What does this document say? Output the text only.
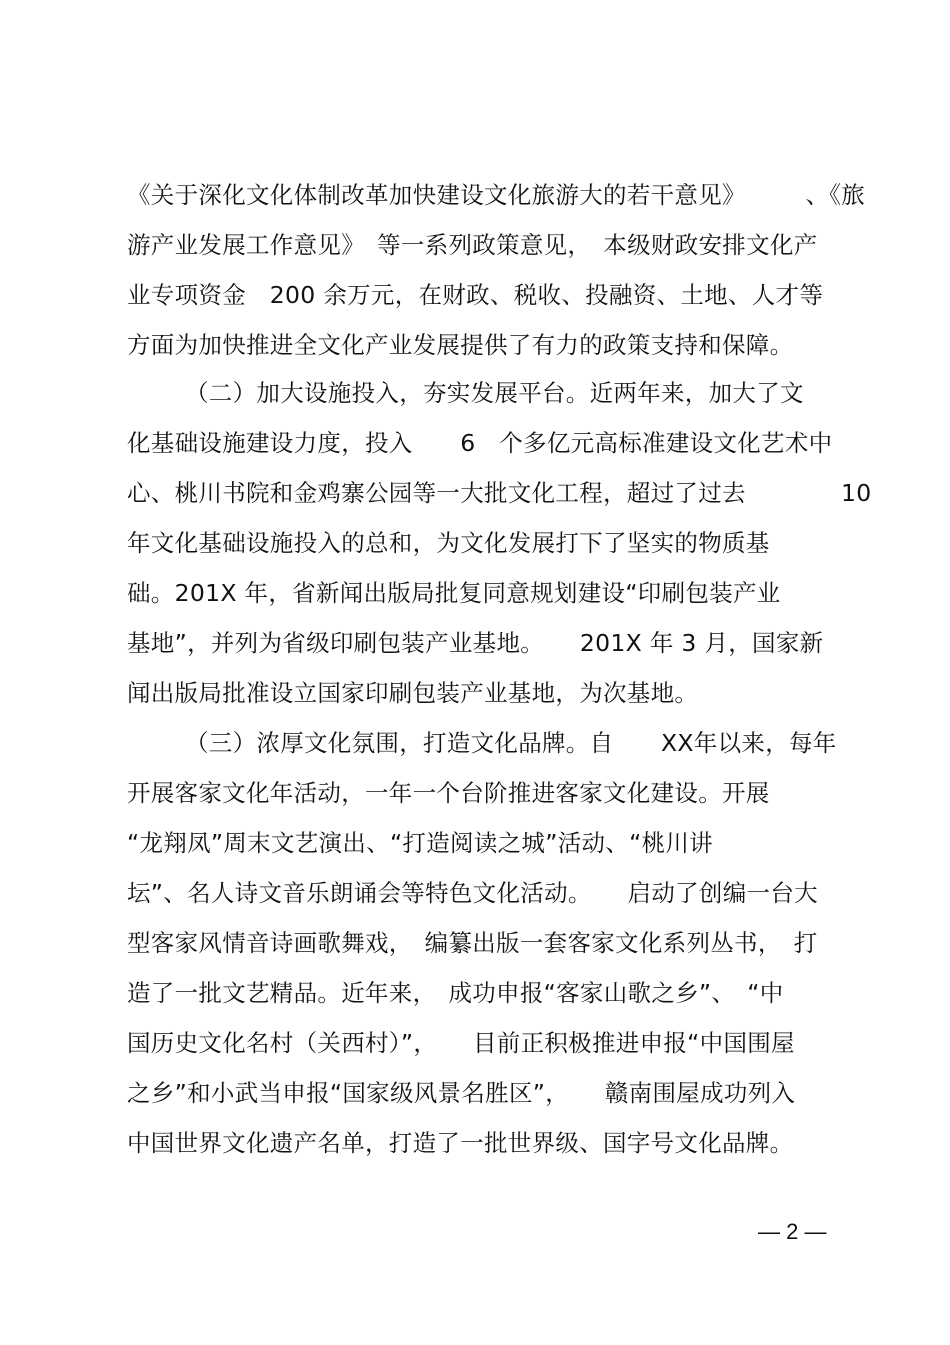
《关于深化文化体制改革加快建设文化旅游大的若干意见》　　　、《旅
游产业发展工作意见》　等一系列政策意见，　本级财政安排文化产
业专项资金　200 余万元，在财政、税收、投融资、土地、人才等
方面为加快推进全文化产业发展提供了有力的政策支持和保障。
（二）加大设施投入，夯实发展平台。近两年来，加大了文
化基础设施建设力度，投入　　6　个多亿元高标准建设文化艺术中
心、桃川书院和金鸡寨公园等一大批文化工程，超过了过去　　　　10
年文化基础设施投入的总和，为文化发展打下了坚实的物质基
础。201X 年，省新闻出版局批复同意规划建设“印刷包装产业
基地”，并列为省级印刷包装产业基地。　　201X 年 3 月，国家新
闻出版局批准设立国家印刷包装产业基地，为次基地。
（三）浓厚文化氛围，打造文化品牌。自　　XX年以来，每年
开展客家文化年活动，一年一个台阶推进客家文化建设。开展
“龙翔凤”周末文艺演出、“打造阅读之城”活动、“桃川讲
坛”、名人诗文音乐朗诵会等特色文化活动。　　启动了创编一台大
型客家风情音诗画歌舞戏，　编纂出版一套客家文化系列丛书，　打
造了一批文艺精品。近年来，　成功申报“客家山歌之乡”、　“中
国历史文化名村（关西村）”，　　目前正积极推进申报“中国围屋
之乡”和小武当申报“国家级风景名胜区”，　　赣南围屋成功列入
中国世界文化遗产名单，打造了一批世界级、国字号文化品牌。
— 2 —
